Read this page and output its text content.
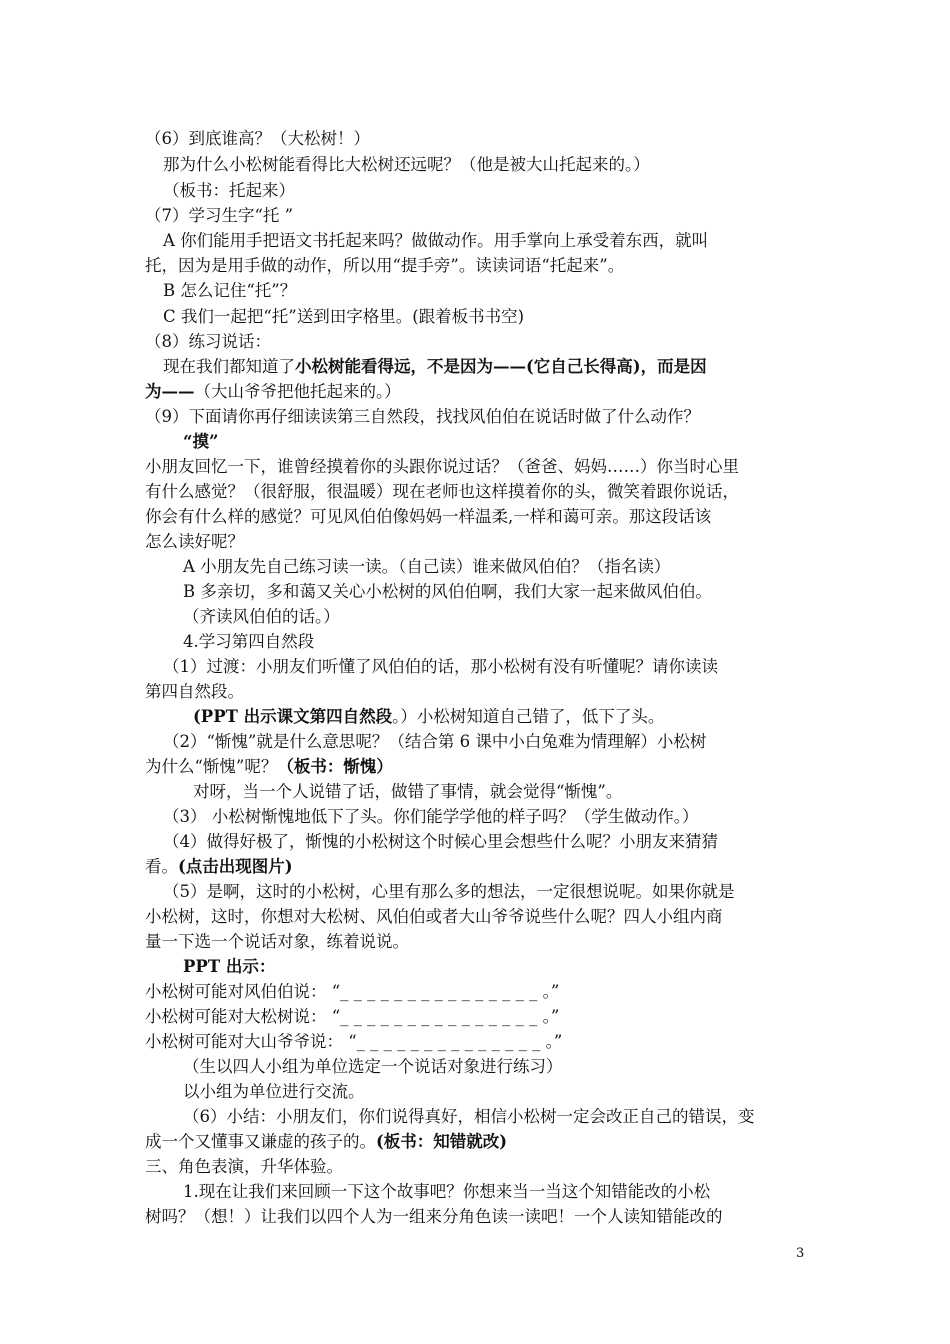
（6）到底谁高？（大松树！）
那为什么小松树能看得比大松树还远呢？（他是被大山托起来的。）
（板书：托起来）
（7）学习生字“托 ”
A 你们能用手把语文书托起来吗？做做动作。用手掌向上承受着东西，就叫
托，因为是用手做的动作，所以用“提手旁”。读读词语“托起来”。
B 怎么记住“托”？
C 我们一起把“托”送到田字格里。(跟着板书书空)
（8）练习说话：
现在我们都知道了小松树能看得远，不是因为——(它自己长得高)，而是因
为——（大山爷爷把他托起来的。）
（9）下面请你再仔细读读第三自然段，找找风伯伯在说话时做了什么动作？
“摸”
小朋友回忆一下，谁曾经摸着你的头跟你说过话？（爸爸、妈妈……）你当时心里
有什么感觉？（很舒服，很温暖）现在老师也这样摸着你的头，微笑着跟你说话，
你会有什么样的感觉？可见风伯伯像妈妈一样温柔,一样和蔼可亲。那这段话该
怎么读好呢？
A 小朋友先自己练习读一读。（自己读）谁来做风伯伯？（指名读）
B 多亲切，多和蔼又关心小松树的风伯伯啊，我们大家一起来做风伯伯。
（齐读风伯伯的话。）
4.学习第四自然段
（1）过渡：小朋友们听懂了风伯伯的话，那小松树有没有听懂呢？请你读读
第四自然段。
(PPT 出示课文第四自然段。）小松树知道自己错了，低下了头。
（2）“惭愧”就是什么意思呢？（结合第 6 课中小白兔难为情理解）小松树
为什么“惭愧”呢？（板书：惭愧）
对呀，当一个人说错了话，做错了事情，就会觉得“惭愧”。
（3） 小松树惭愧地低下了头。你们能学学他的样子吗？（学生做动作。）
（4）做得好极了，惭愧的小松树这个时候心里会想些什么呢？小朋友来猜猜
看。(点击出现图片)
（5）是啊，这时的小松树，心里有那么多的想法，一定很想说呢。如果你就是
小松树，这时，你想对大松树、风伯伯或者大山爷爷说些什么呢？四人小组内商
量一下选一个说话对象，练着说说。
PPT 出示：
小松树可能对风伯伯说： “_ _ _ _ _ _ _ _ _ _ _ _ _ _ _ 。”
小松树可能对大松树说： “_ _ _ _ _ _ _ _ _ _ _ _ _ _ _ 。”
小松树可能对大山爷爷说： “_ _ _ _ _ _ _ _ _ _ _ _ _ _ 。”
（生以四人小组为单位选定一个说话对象进行练习）
以小组为单位进行交流。
（6）小结：小朋友们，你们说得真好，相信小松树一定会改正自己的错误，变
成一个又懂事又谦虚的孩子的。(板书：知错就改)
三、角色表演，升华体验。
1.现在让我们来回顾一下这个故事吧？你想来当一当这个知错能改的小松
树吗？（想！）让我们以四个人为一组来分角色读一读吧！一个人读知错能改的
3
